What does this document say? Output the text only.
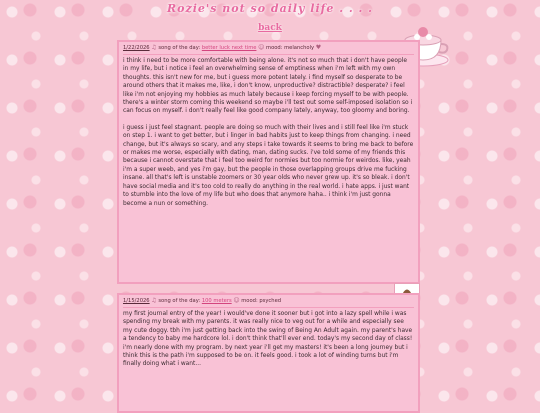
Rozie's not so daily life . . . .
back
1/22/2026 ♫ song of the day: better luck next time ☺ mood: melancholy ♥

i think i need to be more comfortable with being alone. it's not so much that i don't have people in my life, but i notice i feel an overwhelming sense of emptiness when i'm left with my own thoughts. this isn't new for me, but i guess more potent lately. i find myself so desperate to be around others that it makes me, like, i don't know, unproductive? distractible? desperate? i feel like i'm not enjoying my hobbies as much lately because i keep forcing myself to be with people. there's a winter storm coming this weekend so maybe i'll test out some self-imposed isolation so i can focus on myself. i don't really feel like good company lately, anyway, too gloomy and boring.

i guess i just feel stagnant. people are doing so much with their lives and i still feel like i'm stuck on step 1. i want to get better, but i linger in bad habits just to keep things from changing. i need change, but it's always so scary, and any steps i take towards it seems to bring me back to before or makes me worse, especially with dating, man, dating sucks. i've told some of my friends this because i cannot overstate that i feel too weird for normies but too normie for weirdos. like, yeah i'm a super weeb, and yes i'm gay, but the people in those overlapping groups drive me fucking insane. all that's left is unstable zoomers or 30 year olds who never grew up. it's so bleak. i don't have social media and it's too cold to really do anything in the real world. i hate apps. i just want to stumble into the love of my life but who does that anymore haha.. i think i'm just gonna become a nun or something.

1/15/2026 ♫ song of the day: 100 meters ☺ mood: psyched

my first journal entry of the year! i would've done it sooner but i got into a lazy spell while i was spending my break with my parents. it was really nice to veg out for a while and especially see my cute doggy. tbh i'm just getting back into the swing of Being An Adult again. my parent's have a tendency to baby me hardcore lol. i don't think that'll ever end. today's my second day of class! i'm nearly done with my program. by next year i'll get my masters! it's been a long journey but i think this is the path i'm supposed to be on. it feels good. i took a lot of winding turns but i'm finally doing what i want...
